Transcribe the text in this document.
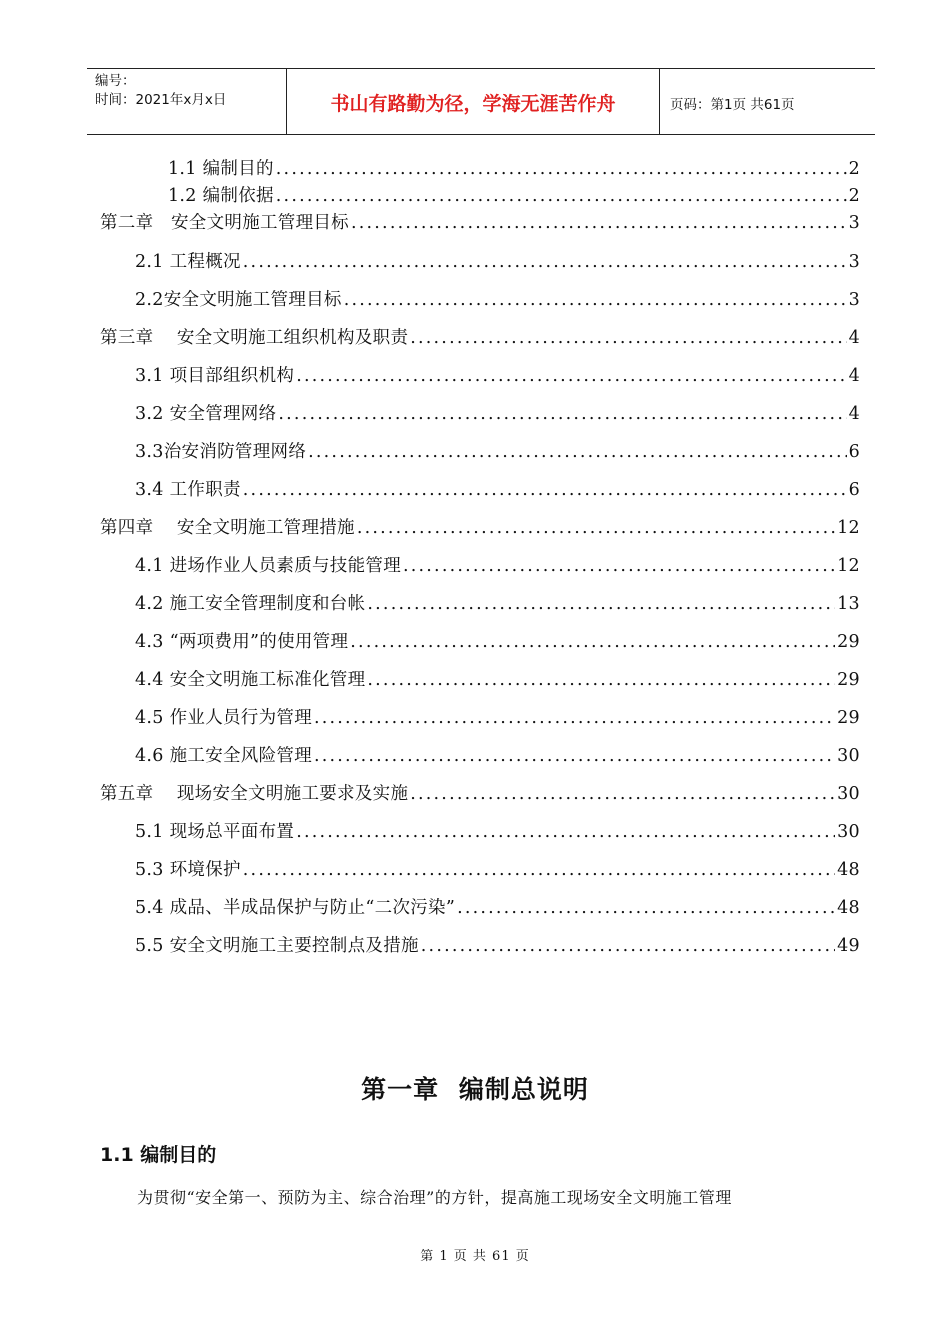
编号：
时间：2021年x月x日	书山有路勤为径，学海无涯苦作舟	页码：第1页 共61页
1.1 编制目的 .....	2
1.2 编制依据 .....	2
第二章   安全文明施工管理目标 .....	3
2.1 工程概况 .....	3
2.2安全文明施工管理目标 .....	3
第三章    安全文明施工组织机构及职责 .....	4
3.1 项目部组织机构 .....	4
3.2 安全管理网络 .....	4
3.3治安消防管理网络 .....	6
3.4 工作职责 .....	6
第四章    安全文明施工管理措施 .....	12
4.1 进场作业人员素质与技能管理 .....	12
4.2 施工安全管理制度和台帐 .....	13
4.3 “两项费用”的使用管理 .....	29
4.4 安全文明施工标准化管理 .....	29
4.5 作业人员行为管理 .....	29
4.6 施工安全风险管理 .....	30
第五章    现场安全文明施工要求及实施 .....	30
5.1 现场总平面布置 .....	30
5.3 环境保护 .....	48
5.4 成品、半成品保护与防止“二次污染” .....	48
5.5 安全文明施工主要控制点及措施 .....	49
第一章 编制总说明
1.1 编制目的
为贯彻“安全第一、预防为主、综合治理”的方针，提高施工现场安全文明施工管理
第 1 页 共 61 页
